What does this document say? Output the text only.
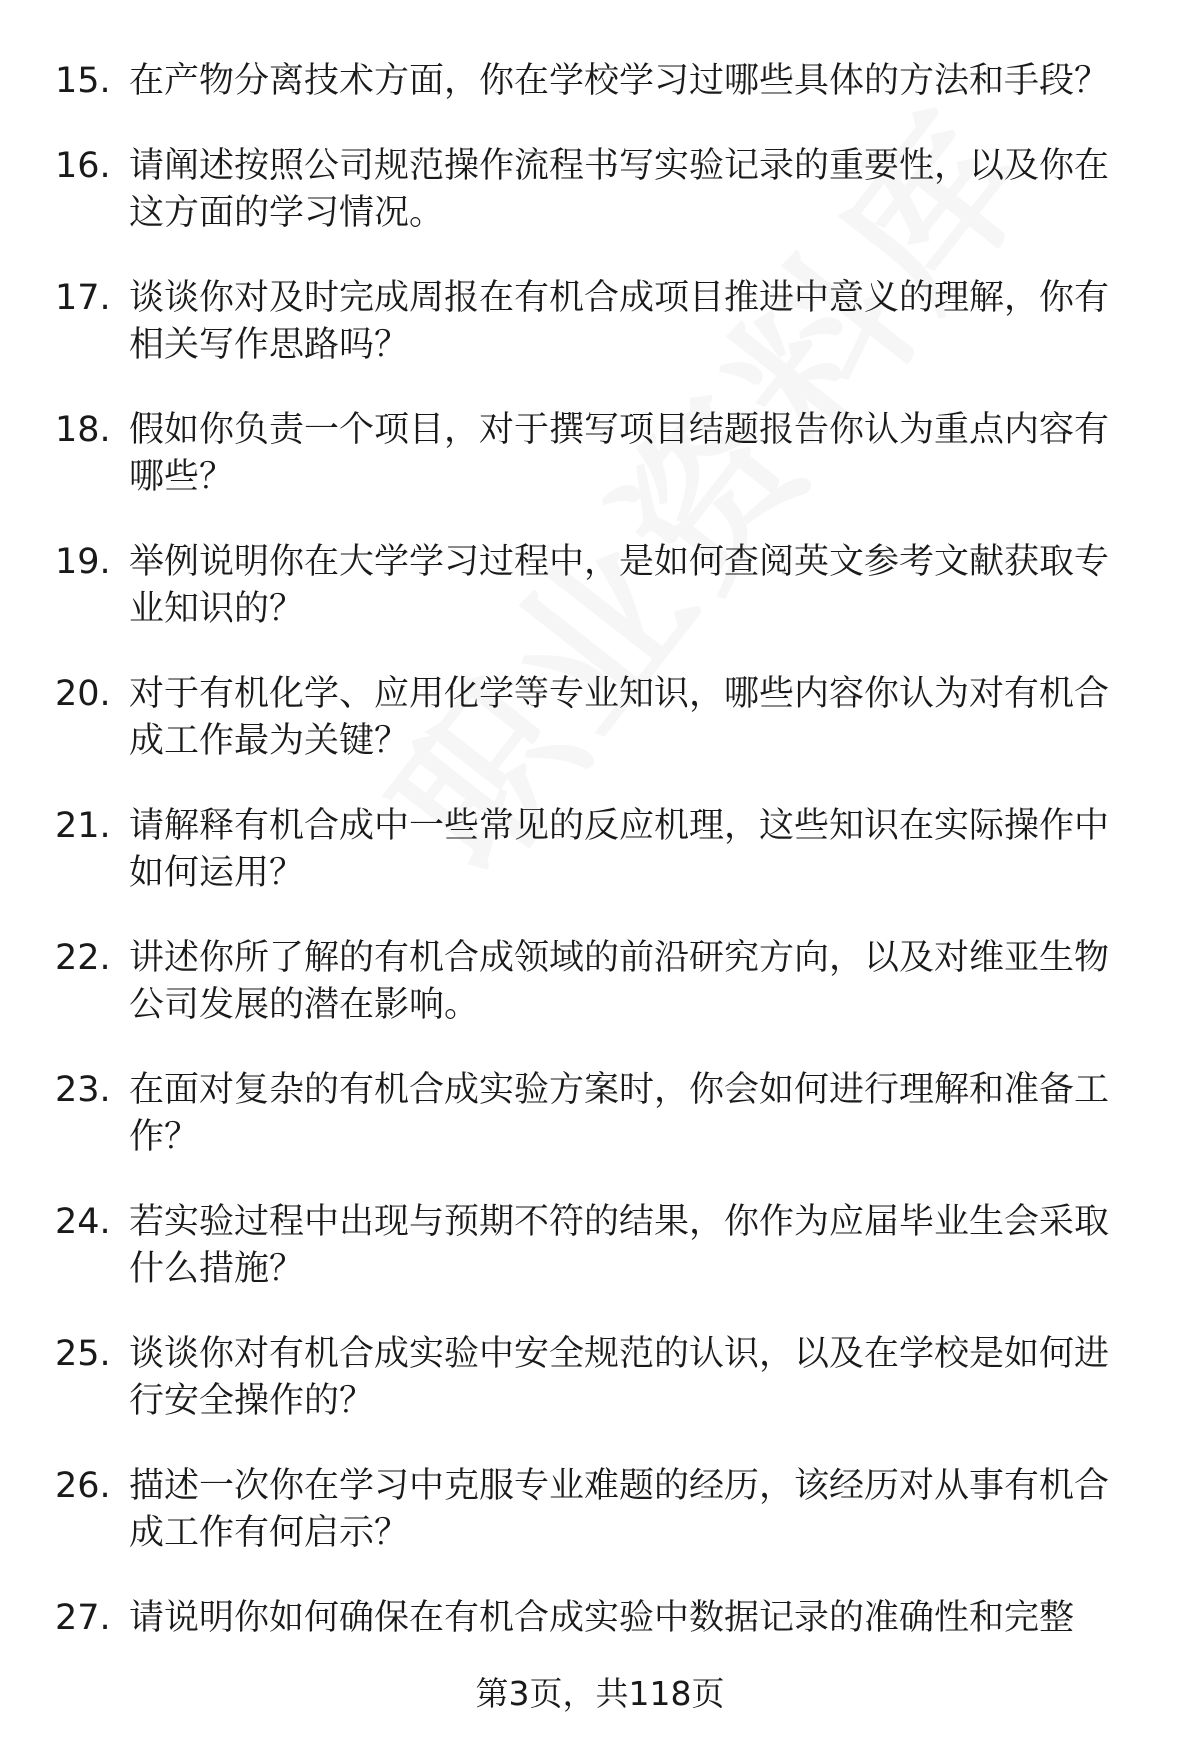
15. 在产物分离技术方面，你在学校学习过哪些具体的方法和手段？
16. 请阐述按照公司规范操作流程书写实验记录的重要性，以及你在这方面的学习情况。
17. 谈谈你对及时完成周报在有机合成项目推进中意义的理解，你有相关写作思路吗？
18. 假如你负责一个项目，对于撰写项目结题报告你认为重点内容有哪些？
19. 举例说明你在大学学习过程中，是如何查阅英文参考文献获取专业知识的？
20. 对于有机化学、应用化学等专业知识，哪些内容你认为对有机合成工作最为关键？
21. 请解释有机合成中一些常见的反应机理，这些知识在实际操作中如何运用？
22. 讲述你所了解的有机合成领域的前沿研究方向，以及对维亚生物公司发展的潜在影响。
23. 在面对复杂的有机合成实验方案时，你会如何进行理解和准备工作？
24. 若实验过程中出现与预期不符的结果，你作为应届毕业生会采取什么措施？
25. 谈谈你对有机合成实验中安全规范的认识，以及在学校是如何进行安全操作的？
26. 描述一次你在学习中克服专业难题的经历，该经历对从事有机合成工作有何启示？
27. 请说明你如何确保在有机合成实验中数据记录的准确性和完整
第3页，共118页
